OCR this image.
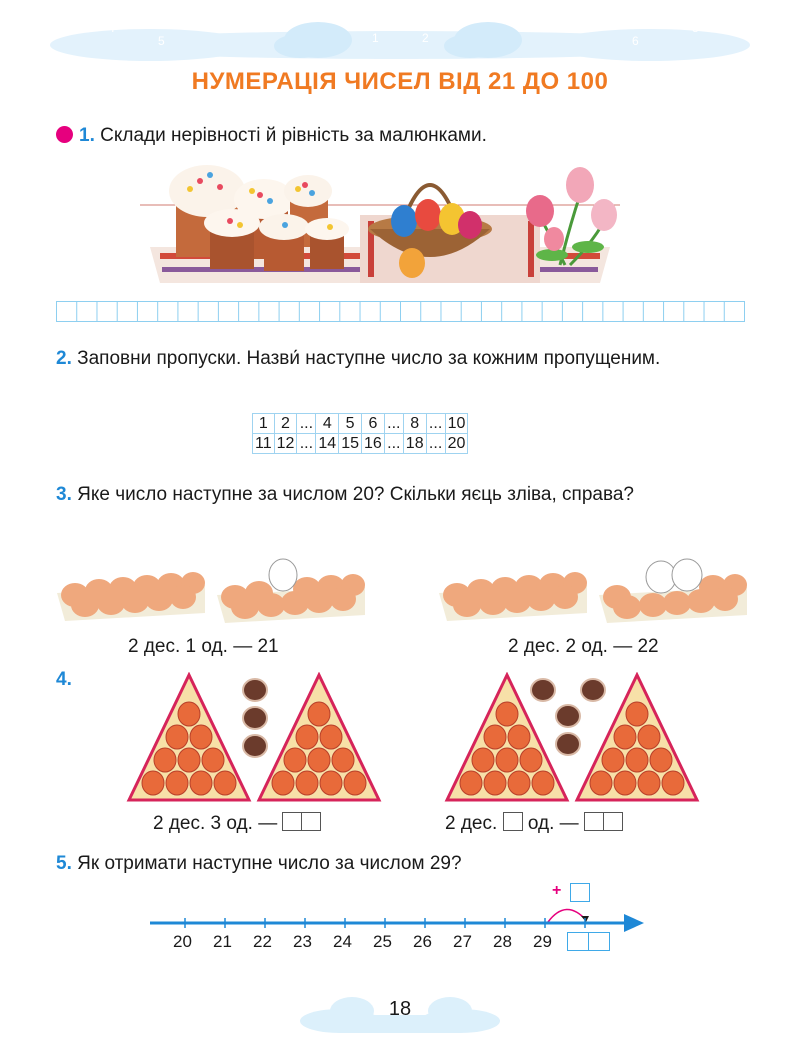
7
5
3
1
0
2
4
6
8
НУМЕРАЦІЯ ЧИСЕЛ ВІД 21 ДО 100
1. Склади нерівності й рівність за малюнками.
2. Заповни пропуски. Назви́ наступне число за кожним пропущеним.
1	2	...	4	5	6	...	8	...	10
11	12	...	14	15	16	...	18	...	20
3. Яке число наступне за числом 20? Скільки яєць зліва, справа?
2 дес. 1 од. — 21	2 дес. 2 од. — 22
4.
2 дес. 3 од. —	2 дес. од. —
5. Як отримати наступне число за числом 29?
+
20 21 22 23 24 25 26 27 28 29
18
